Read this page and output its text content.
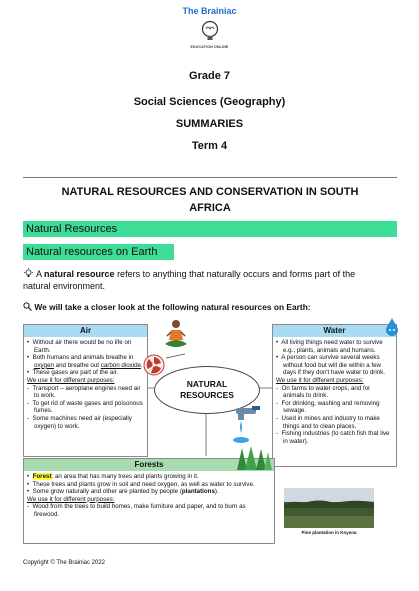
The Brainiac
EDUCATION ONLINE
Grade 7
Social Sciences (Geography)
SUMMARIES
Term 4
NATURAL RESOURCES AND CONSERVATION IN SOUTH AFRICA
Natural Resources
Natural resources on Earth
A natural resource refers to anything that naturally occurs and forms part of the natural environment.
We will take a closer look at the following natural resources on Earth:
Air
•  Without air there would be no life on Earth.
•  Both humans and animals breathe in oxygen and breathe out carbon dioxide.
•  These gases are part of the air.
We use it for different purposes:
-  Transport – aeroplane engines need air to work.
-  To get rid of waste gases and poisonous fumes.
-  Some machines need air (especially oxygen) to work.
NATURAL
RESOURCES
Water
•  All living things need water to survive e.g., plants, animals and humans.
•  A person can survive several weeks without food but will die within a few days if they don't have water to drink.
We use it for different purposes:
-  On farms to water crops, and for animals to drink.
-  For drinking, washing and removing sewage.
-  Used in mines and industry to make things and to clean places.
-  Fishing industries (to catch fish that live in water).
Forests
•  Forest: an area that has many trees and plants growing in it.
•  These trees and plants grow in soil and need oxygen, as well as water to survive.
•  Some grow naturally and other are planted by people (plantations).
We use it for different purposes:
-  Wood from the trees to build homes, make furniture and paper, and to burn as firewood.
Pine plantation in Knysna
Copyright © The Brainiac 2022
